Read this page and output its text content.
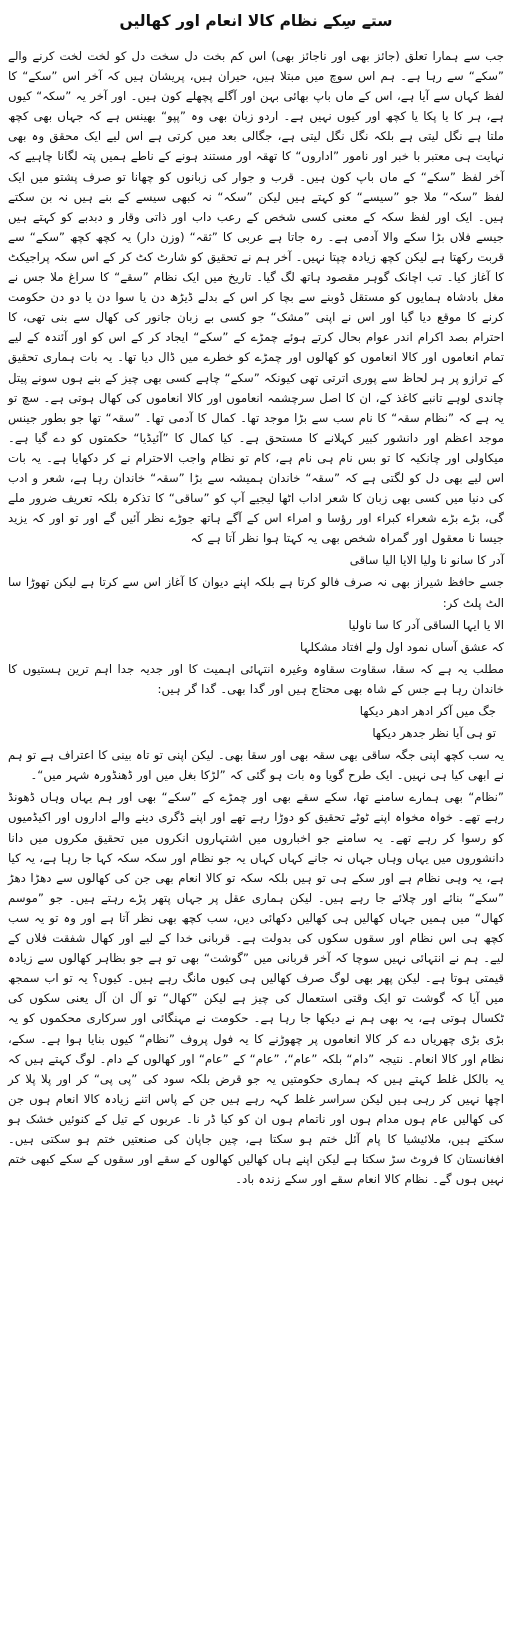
ستے سِکے نظام کالا انعام اور کھالیں

جب سے ہمارا تعلق (جائز بھی اور ناجائز بھی) اس کم بخت دل سخت دل کو لخت لخت کرنے والے ”سکے“ سے رہا ہے۔ ہم اس سوچ میں مبتلا ہیں، حیران ہیں، پریشان ہیں کہ آخر اس ”سکے“ کا لفظ کہاں سے آیا ہے، اس کے ماں باپ بھائی بہن اور آگلے پچھلے کون ہیں۔ اور آخر یہ ”سکہ“ کیوں ہے، ہر کا یا پکا یا کچھ اور کیوں نہیں ہے۔ اردو زبان بھی وہ ”پپو“ بھینس ہے کہ جہاں بھی کچھ ملتا ہے نگل لیتی ہے بلکہ نگل نگل لیتی ہے، جگالی بعد میں کرتی ہے اس لیے ایک محقق وہ بھی نہایت ہی معتبر با خبر اور نامور ”اداروں“ کا تھقہ اور مستند ہونے کے ناطے ہمیں پتہ لگانا چاہیے کہ آخر لفظ ”سکے“ کے ماں باپ کون ہیں۔ قرب و جوار کی زبانوں کو چھانا تو صرف پشتو میں ایک لفظ ”سکہ“ ملا جو ”سیسے“ کو کہتے ہیں لیکن ”سکہ“ نہ کبھی سیسے کے بنے ہیں نہ بن سکتے ہیں۔ ایک اور لفظ سکہ کے معنی کسی شخص کے رعب داب اور ذاتی وقار و دبدبے کو کہتے ہیں جیسے فلاں بڑا سکے والا آدمی ہے۔ رہ جاتا ہے عربی کا ”ثقہ“ (وزن دار) یہ کچھ کچھ ”سکے“ سے قربت رکھتا ہے لیکن کچھ زیادہ چپتا نہیں۔ آخر ہم نے تحقیق کو شارٹ کٹ کر کے اس سکہ پراجیکٹ کا آغاز کیا۔ تب اچانک گوہر مقصود ہاتھ لگ گیا۔ تاریخ میں ایک نظام ”سقے“ کا سراغ ملا جس نے مغل بادشاہ ہمایوں کو مستقل ڈوبنے سے بچا کر اس کے بدلے ڈیڑھ دن یا سوا دن یا دو دن حکومت کرنے کا موقع دیا گیا اور اس نے اپنی ”مشک“ جو کسی بے زبان جانور کی کھال سے بنی تھی، کا احترام بصد اکرام اندر عوام بحال کرتے ہوئے چمڑے کے ”سکے“ ایجاد کر کے اس کو اور آئندہ کے لیے تمام انعاموں اور کالا انعاموں کو کھالوں اور چمڑے کو خطرے میں ڈال دیا تھا۔ یہ بات ہماری تحقیق کے ترازو پر ہر لحاظ سے پوری اترتی تھی کیونکہ ”سکے“ چاہے کسی بھی چیز کے بنے ہوں سونے پیتل چاندی لوہے تانبے کاغذ کے، ان کا اصل سرچشمہ انعاموں اور کالا انعاموں کی کھال ہوتی ہے۔ سچ تو یہ ہے کہ ”نظام سقہ“ کا نام سب سے بڑا موجد تھا۔ کمال کا آدمی تھا۔ ”سقہ“ تھا جو بطور جینس موجد اعظم اور دانشور کبیر کہلانے کا مستحق ہے۔ کیا کمال کا ”آئیڈیا“ حکمتوں کو دے گیا ہے۔ میکاولی اور چانکیہ کا تو بس نام ہی نام ہے، کام تو نظام واجب الاحترام نے کر دکھایا ہے۔ یہ بات اس لیے بھی دل کو لگتی ہے کہ ”سقہ“ خاندان ہمیشہ سے بڑا ”سقہ“ خاندان رہا ہے، شعر و ادب کی دنیا میں کسی بھی زبان کا شعر اداب اٹھا لیجیے آپ کو ”ساقی“ کا تذکرہ بلکہ تعریف ضرور ملے گی، بڑے بڑے شعراء کبراء اور رؤسا و امراء اس کے آگے ہاتھ جوڑے نظر آئیں گے اور تو اور کہ یزید جیسا نا معقول اور گمراہ شخص بھی یہ کہتا ہوا نظر آتا ہے کہ

آدر کا سانو نا ولیا الایا الیا ساقی

جسے حافظ شیراز بھی نہ صرف فالو کرتا ہے بلکہ اپنے دیوان کا آغاز اس سے کرتا ہے لیکن تھوڑا سا الٹ پلٹ کر:

الا یا ایہا الساقی آدر کا سا ناولیا
کہ عشق آساں نمود اول ولے افتاد مشکلہا

مطلب یہ ہے کہ سقا، سقاوت سقاوہ وغیرہ انتہائی اہمیت کا اور جدیہ جدا اہم ترین ہستیوں کا خاندان رہا ہے جس کے شاہ بھی محتاج ہیں اور گدا بھی۔ گدا گر ہیں:

جگ میں آکر ادھر ادھر دیکھا
تو ہی آیا نظر جدھر دیکھا

یہ سب کچھ اپنی جگہ ساقی بھی سقہ بھی اور سقا بھی۔ لیکن اپنی تو تاہ بینی کا اعتراف ہے تو ہم نے ابھی کیا ہی نہیں۔ ایک طرح گویا وہ بات ہو گئی کہ ”لڑکا بغل میں اور ڈھنڈورہ شہر میں“۔

”نظام“ بھی ہمارے سامنے تھا، سکے سقے بھی اور چمڑے کے ”سکے“ بھی اور ہم یہاں وہاں ڈھونڈ رہے تھے۔ خواہ مخواہ اپنے ٹوٹے تحقیق کو دوڑا رہے تھے اور اپنے ڈگری دینے والے اداروں اور اکیڈمیوں کو رسوا کر رہے تھے۔ یہ سامنے جو اخباروں میں اشتہاروں انکروں میں تحقیق مکروں میں دانا دانشوروں میں یہاں وہاں جہاں نہ جانے کہاں کہاں یہ جو نظام اور سکہ سکہ کہا جا رہا ہے، یہ کیا ہے، یہ وہی نظام ہے اور سکے ہی تو ہیں بلکہ سکہ تو کالا انعام بھی جن کی کھالوں سے دھڑا دھڑ ”سکے“ بنائے اور چلائے جا رہے ہیں۔ لیکن ہماری عقل پر جہاں پتھر پڑے رہتے ہیں۔ جو ”موسم کھال“ میں ہمیں جہاں کھالیں ہی کھالیں دکھائی دیں، سب کچھ بھی نظر آتا ہے اور وہ تو یہ سب کچھ ہی اس نظام اور سقوں سکوں کی بدولت ہے۔ قربانی خدا کے لیے اور کھال شفقت فلاں کے لیے۔ ہم نے انتہائی نہیں سوچا کہ آخر قربانی میں ”گوشت“ بھی تو ہے جو بظاہر کھالوں سے زیادہ قیمتی ہوتا ہے۔ لیکن پھر بھی لوگ صرف کھالیں ہی کیوں مانگ رہے ہیں۔ کیوں؟ یہ تو اب سمجھ میں آیا کہ گوشت تو ایک وقتی استعمال کی چیز ہے لیکن ”کھال“ تو آل ان آل یعنی سکوں کی ٹکسال ہوتی ہے، یہ بھی ہم نے دیکھا جا رہا ہے۔ حکومت نے مہنگائی اور سرکاری محکموں کو یہ بڑی بڑی چھریاں دے کر کالا انعاموں پر چھوڑنے کا یہ فول پروف ”نظام“ کیوں بنایا ہوا ہے۔ سکے، نظام اور کالا انعام۔ نتیجہ ”دام“ بلکہ ”عام“، ”عام“ کے ”عام“ اور کھالوں کے دام۔ لوگ کہتے ہیں کہ یہ بالکل غلط کہتے ہیں کہ ہماری حکومتیں یہ جو قرض بلکہ سود کی ”پی پی“ کر اور پلا پلا کر اچھا نہیں کر رہی ہیں لیکن سراسر غلط کہہ رہے ہیں جن کے پاس اتنے زیادہ کالا انعام ہوں جن کی کھالیں عام ہوں مدام ہوں اور ناتمام ہوں ان کو کیا ڈر نا۔ عربوں کے تیل کے کنوئیں خشک ہو سکتے ہیں، ملائیشیا کا پام آئل ختم ہو سکتا ہے، چین جاپان کی صنعتیں ختم ہو سکتی ہیں۔ افغانستان کا فروٹ سڑ سکتا ہے لیکن اپنے ہاں کھالیں کھالوں کے سقے اور سقوں کے سکے کبھی ختم نہیں ہوں گے۔ نظام کالا انعام سقے اور سکے زندہ باد۔
